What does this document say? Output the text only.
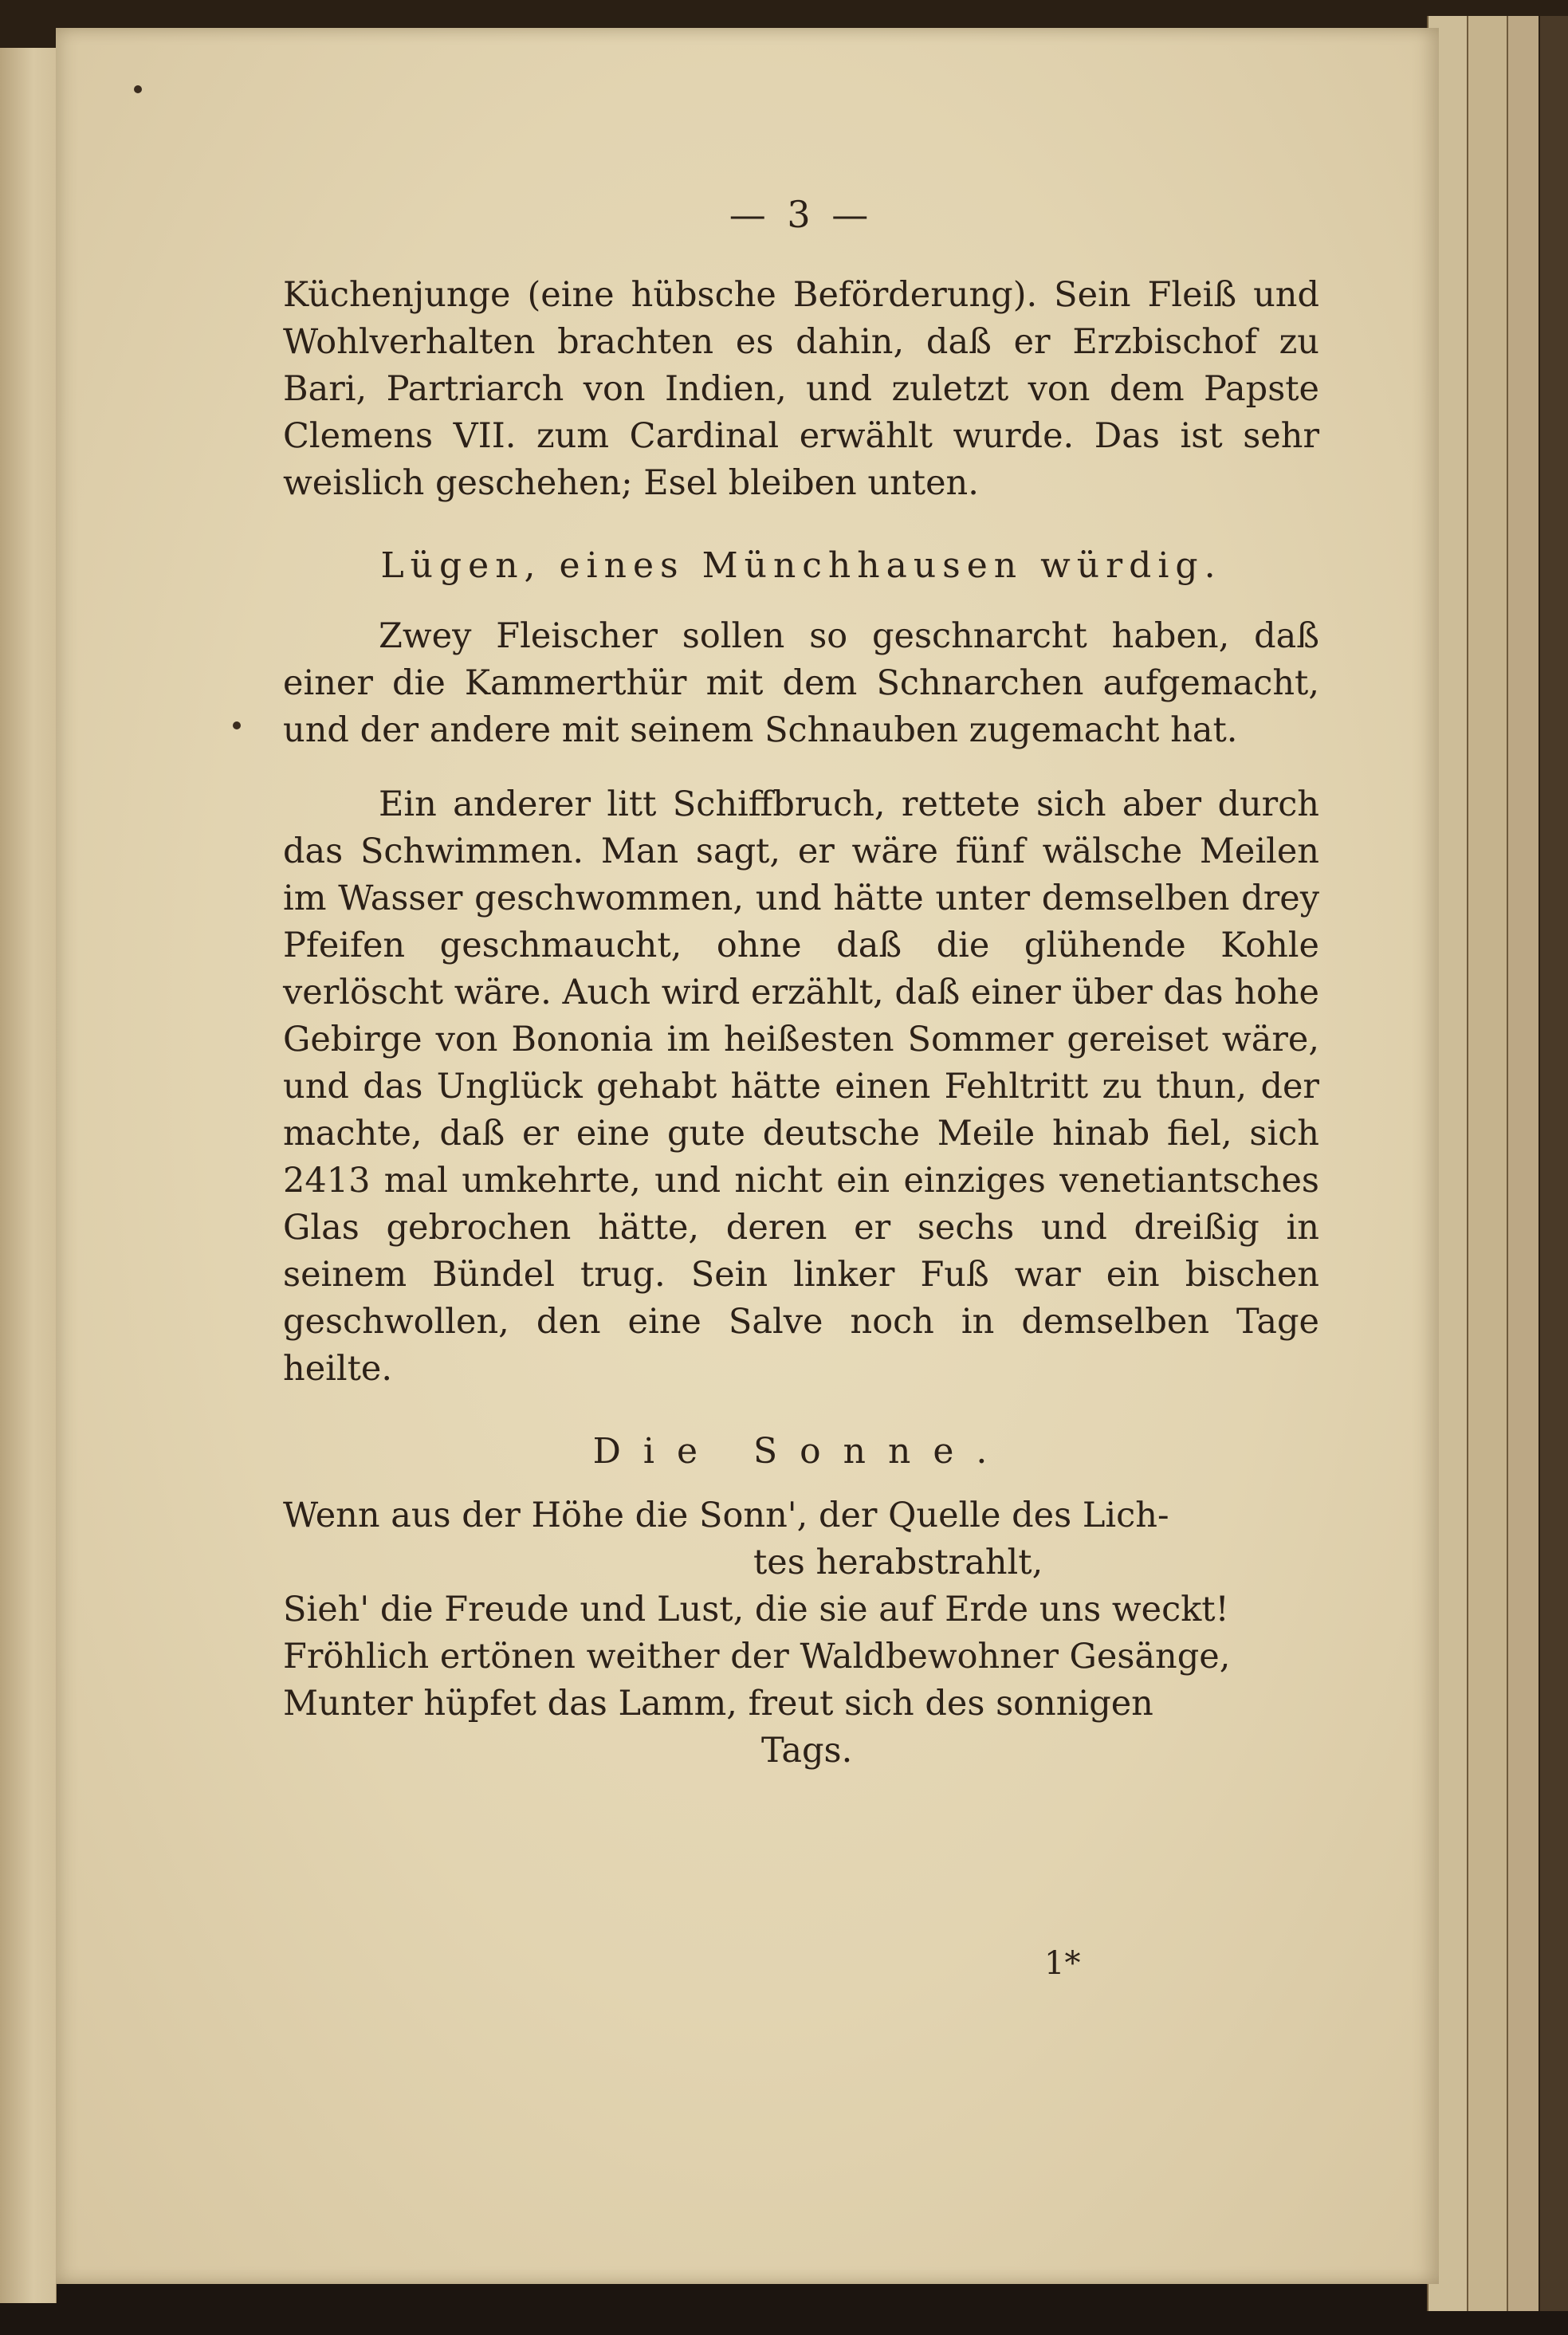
— 3 —

Küchenjunge (eine hübsche Beförderung). Sein Fleiß und Wohlverhalten brachten es dahin, daß er Erzbischof zu Bari, Partriarch von Indien, und zuletzt von dem Papste Clemens VII. zum Cardinal erwählt wurde. Das ist sehr weislich geschehen; Esel bleiben unten.

Lügen, eines Münchhausen würdig.

Zwey Fleischer sollen so geschnarcht haben, daß einer die Kammerthür mit dem Schnarchen aufgemacht, und der andere mit seinem Schnauben zugemacht hat.

Ein anderer litt Schiffbruch, rettete sich aber durch das Schwimmen. Man sagt, er wäre fünf wälsche Meilen im Wasser geschwommen, und hätte unter demselben drey Pfeifen geschmaucht, ohne daß die glühende Kohle verlöscht wäre. Auch wird erzählt, daß einer über das hohe Gebirge von Bononia im heißesten Sommer gereiset wäre, und das Unglück gehabt hätte einen Fehltritt zu thun, der machte, daß er eine gute deutsche Meile hinab fiel, sich 2413 mal umkehrte, und nicht ein einziges venetiantsches Glas gebrochen hätte, deren er sechs und dreißig in seinem Bündel trug. Sein linker Fuß war ein bischen geschwollen, den eine Salve noch in demselben Tage heilte.

Die Sonne.
Wenn aus der Höhe die Sonn', der Quelle des Lich-
tes herabstrahlt,
Sieh' die Freude und Lust, die sie auf Erde uns weckt!
Fröhlich ertönen weither der Waldbewohner Gesänge,
Munter hüpfet das Lamm, freut sich des sonnigen
Tags.
1*
